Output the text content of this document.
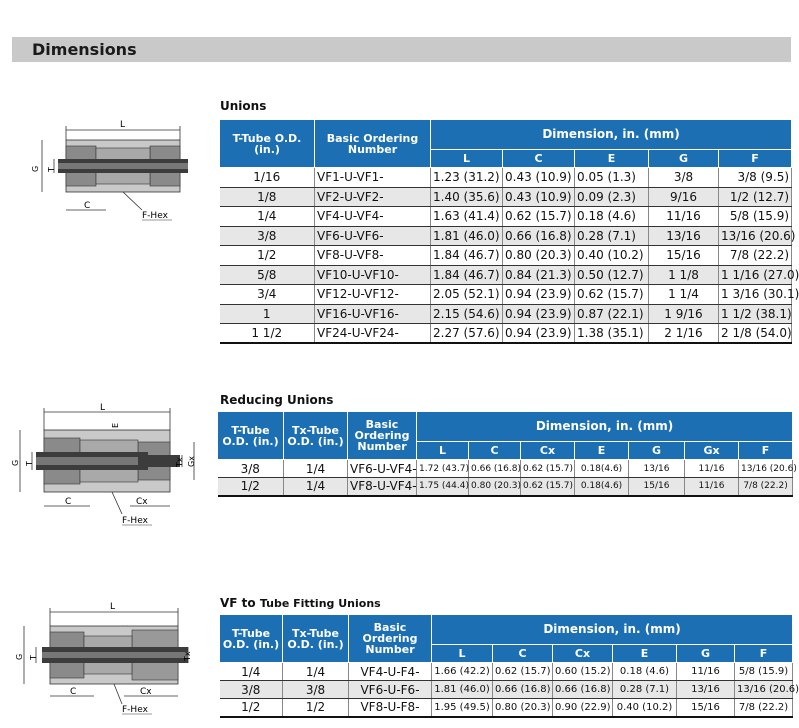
Dimensions
Unions
L
G T
C
F-Hex
T-Tube O.D. (in.)	Basic Ordering Number	Dimension, in. (mm)				
		L	C	E	G	F
1/16	VF1-U-VF1-	1.23 (31.2)	0.43 (10.9)	0.05 (1.3)	3/8	3/8 (9.5)
1/8	VF2-U-VF2-	1.40 (35.6)	0.43 (10.9)	0.09 (2.3)	9/16	1/2 (12.7)
1/4	VF4-U-VF4-	1.63 (41.4)	0.62 (15.7)	0.18 (4.6)	11/16	5/8 (15.9)
3/8	VF6-U-VF6-	1.81 (46.0)	0.66 (16.8)	0.28 (7.1)	13/16	13/16 (20.6)
1/2	VF8-U-VF8-	1.84 (46.7)	0.80 (20.3)	0.40 (10.2)	15/16	7/8 (22.2)
5/8	VF10-U-VF10-	1.84 (46.7)	0.84 (21.3)	0.50 (12.7)	1 1/8	1 1/16 (27.0)
3/4	VF12-U-VF12-	2.05 (52.1)	0.94 (23.9)	0.62 (15.7)	1 1/4	1 3/16 (30.1)
1	VF16-U-VF16-	2.15 (54.6)	0.94 (23.9)	0.87 (22.1)	1 9/16	1 1/2 (38.1)
1 1/2	VF24-U-VF24-	2.27 (57.6)	0.94 (23.9)	1.38 (35.1)	2 1/16	2 1/8 (54.0)
Reducing Unions
L
E
G T	Tx Gx
C	Cx
F-Hex
T-Tube O.D. (in.)	Tx-Tube O.D. (in.)	Basic Ordering Number	Dimension, in. (mm)						
			L	C	Cx	E	G	Gx	F
3/8	1/4	VF6-U-VF4-	1.72 (43.7)	0.66 (16.8)	0.62 (15.7)	0.18(4.6)	13/16	11/16	13/16 (20.6)
1/2	1/4	VF8-U-VF4-	1.75 (44.4)	0.80 (20.3)	0.62 (15.7)	0.18(4.6)	15/16	11/16	7/8 (22.2)
VF to Tube Fitting Unions
L
G T	Tx
C	Cx
F-Hex
T-Tube O.D. (in.)	Tx-Tube O.D. (in.)	Basic Ordering Number	Dimension, in. (mm)					
			L	C	Cx	E	G	F
1/4	1/4	VF4-U-F4-	1.66 (42.2)	0.62 (15.7)	0.60 (15.2)	0.18 (4.6)	11/16	5/8 (15.9)
3/8	3/8	VF6-U-F6-	1.81 (46.0)	0.66 (16.8)	0.66 (16.8)	0.28 (7.1)	13/16	13/16 (20.6)
1/2	1/2	VF8-U-F8-	1.95 (49.5)	0.80 (20.3)	0.90 (22.9)	0.40 (10.2)	15/16	7/8 (22.2)
